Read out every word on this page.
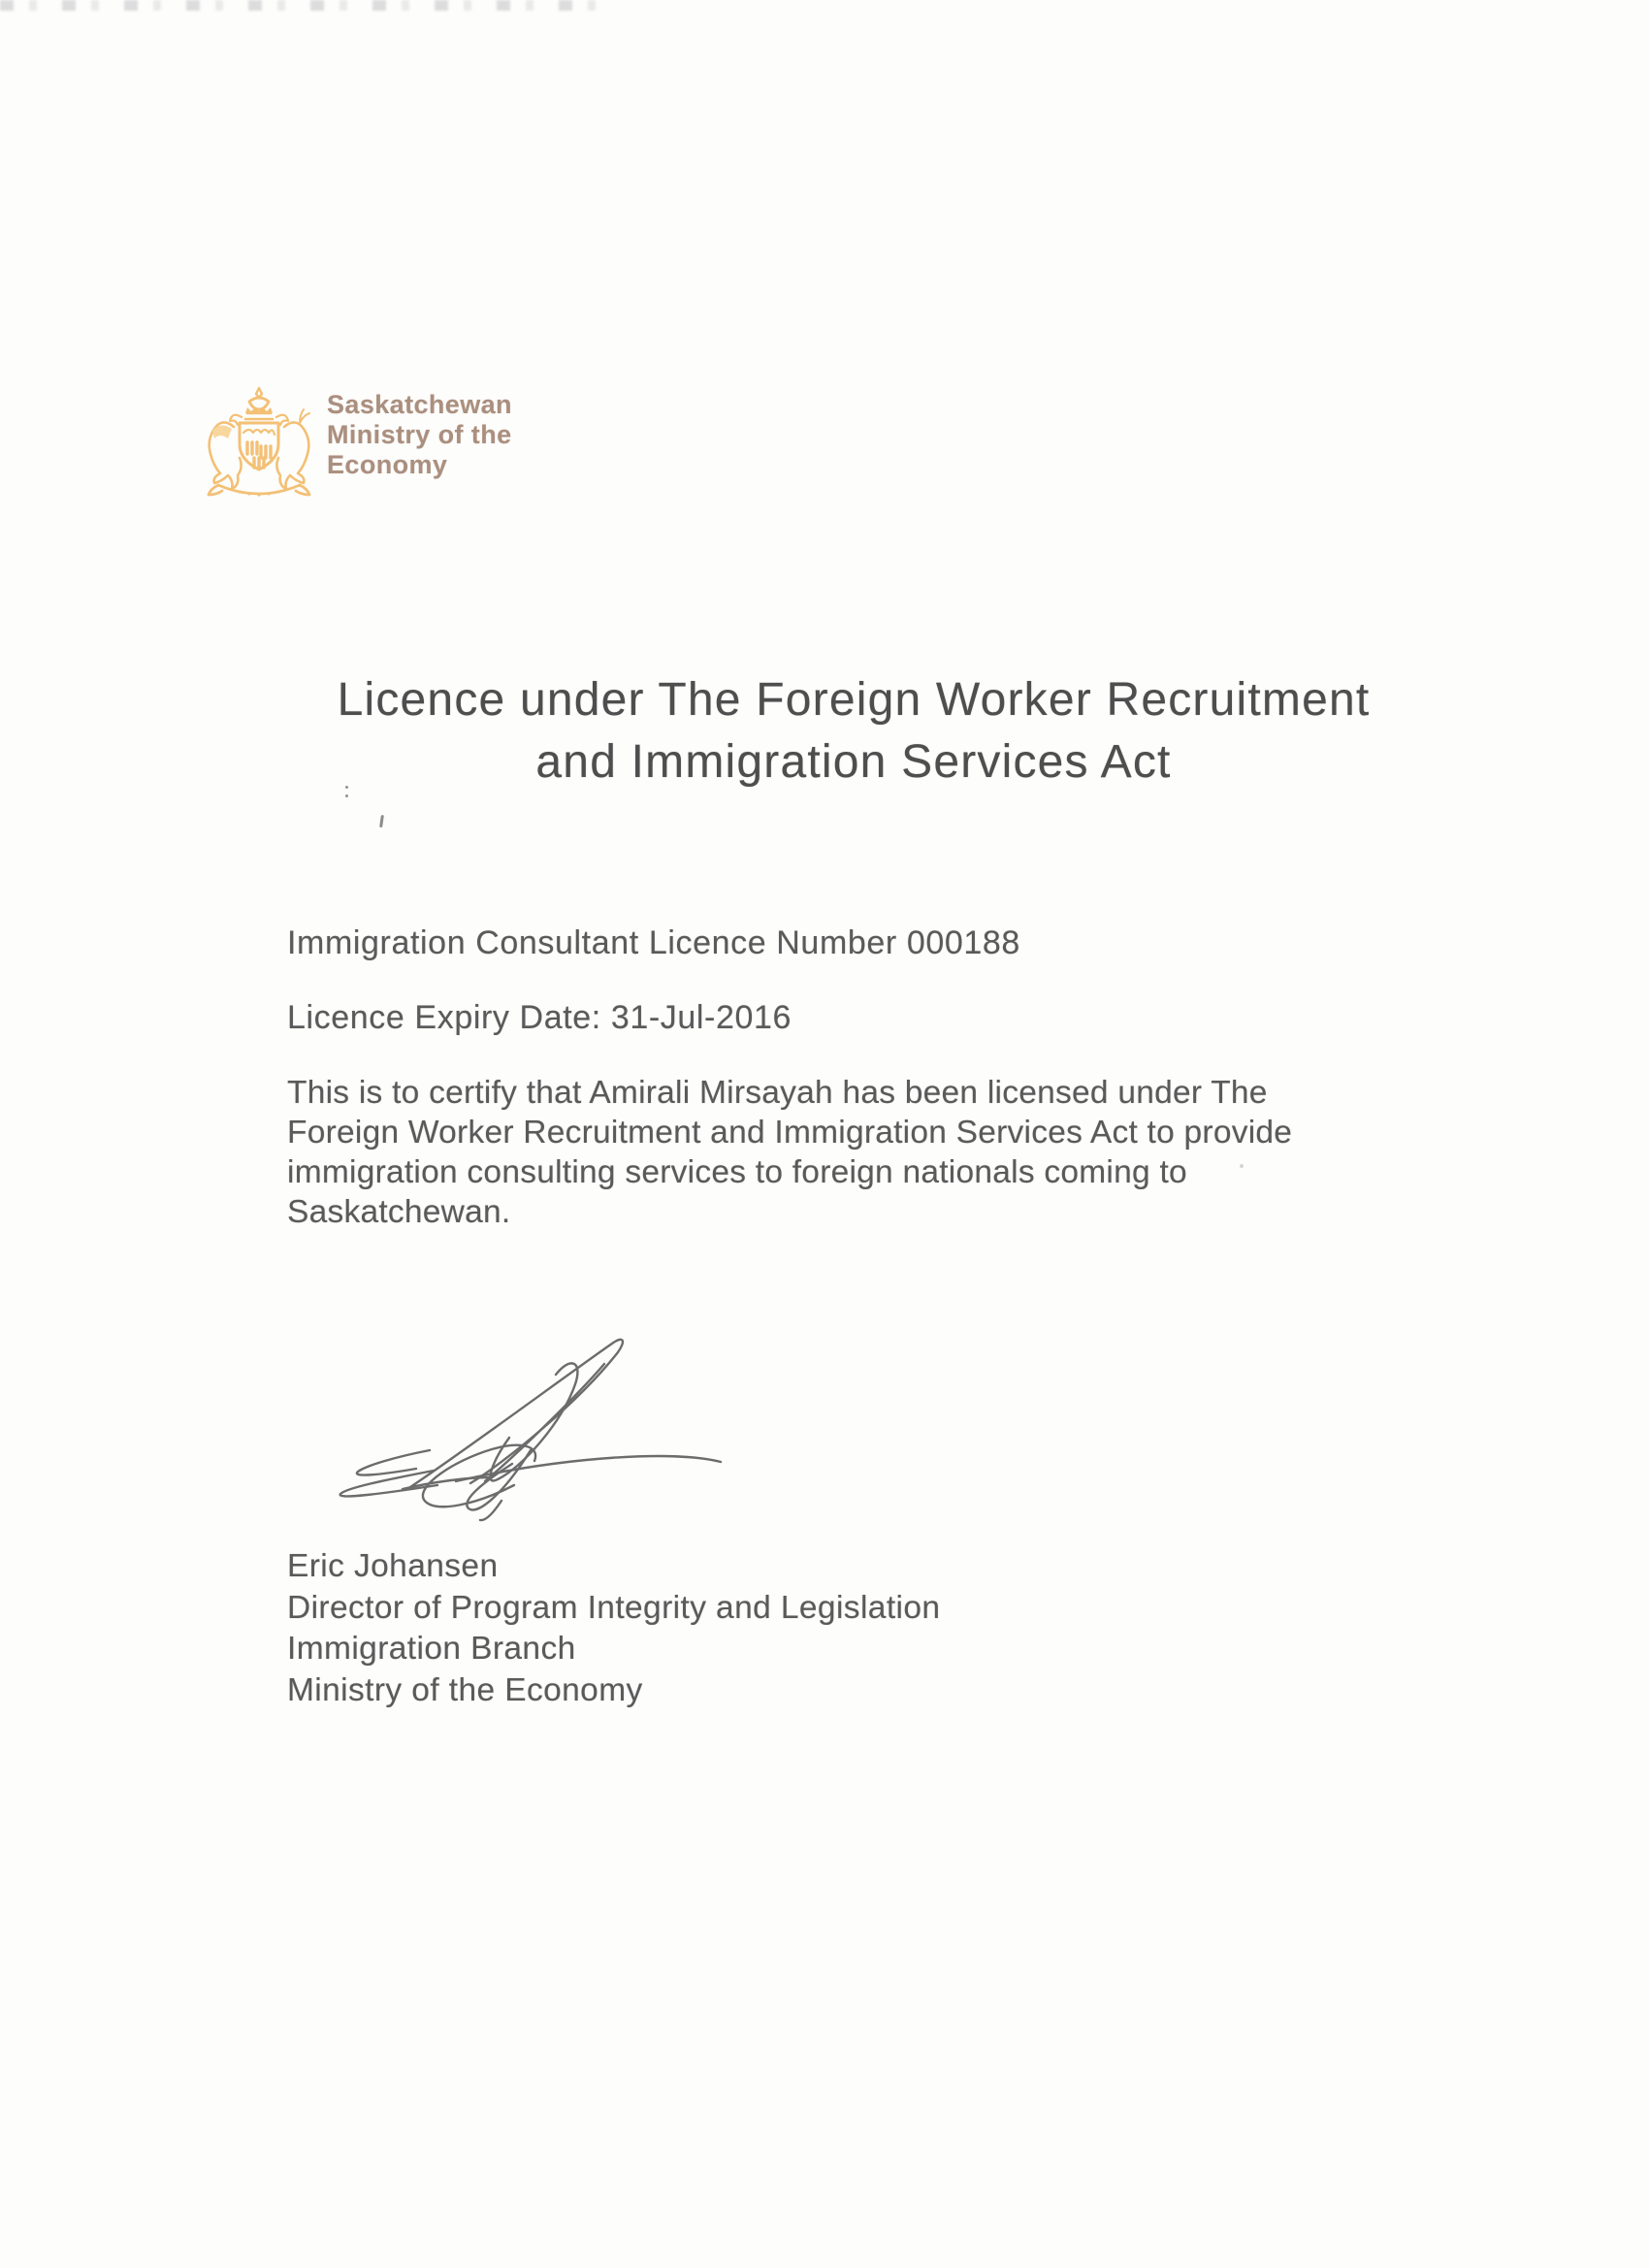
Saskatchewan
Ministry of the
Economy
Licence under The Foreign Worker Recruitment
and Immigration Services Act
Immigration Consultant Licence Number 000188
Licence Expiry Date: 31-Jul-2016
This is to certify that Amirali Mirsayah has been licensed under The
Foreign Worker Recruitment and Immigration Services Act to provide
immigration consulting services to foreign nationals coming to
Saskatchewan.
Eric Johansen
Director of Program Integrity and Legislation
Immigration Branch
Ministry of the Economy
